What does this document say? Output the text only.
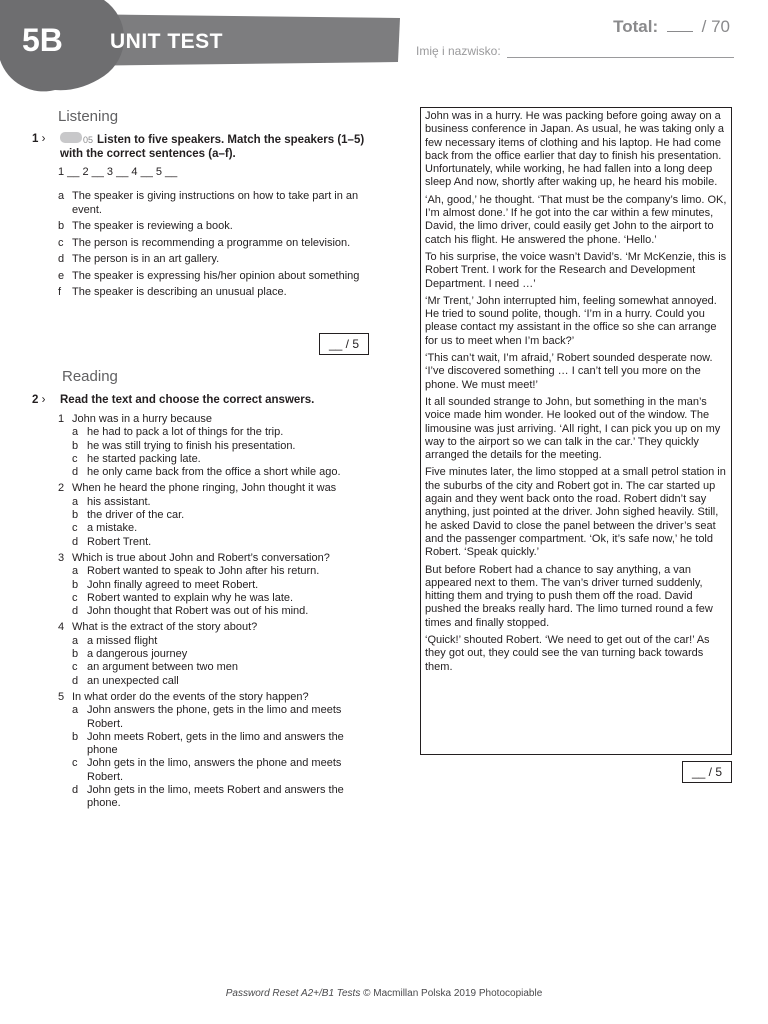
5B UNIT TEST
Total:	/ 70
Imię i nazwisko:
Listening
1 ›	05 Listen to five speakers. Match the speakers (1–5) with the correct sentences (a–f).
1 __ 2 __ 3 __ 4 __ 5 __
a The speaker is giving instructions on how to take part in an event.
b The speaker is reviewing a book.
c The person is recommending a programme on television.
d The person is in an art gallery.
e The speaker is expressing his/her opinion about something
f The speaker is describing an unusual place.
__ / 5
Reading
2 › Read the text and choose the correct answers.
1 John was in a hurry because
a he had to pack a lot of things for the trip.
b he was still trying to finish his presentation.
c he started packing late.
d he only came back from the office a short while ago.
2 When he heard the phone ringing, John thought it was
a his assistant.
b the driver of the car.
c a mistake.
d Robert Trent.
3 Which is true about John and Robert’s conversation?
a Robert wanted to speak to John after his return.
b John finally agreed to meet Robert.
c Robert wanted to explain why he was late.
d John thought that Robert was out of his mind.
4 What is the extract of the story about?
a a missed flight
b a dangerous journey
c an argument between two men
d an unexpected call
5 In what order do the events of the story happen?
a John answers the phone, gets in the limo and meets Robert.
b John meets Robert, gets in the limo and answers the phone
c John gets in the limo, answers the phone and meets Robert.
d John gets in the limo, meets Robert and answers the phone.

John was in a hurry. He was packing before going away on a business conference in Japan. As usual, he was taking only a few necessary items of clothing and his laptop. He had come back from the office earlier that day to finish his presentation. Unfortunately, while working, he had fallen into a long deep sleep And now, shortly after waking up, he heard his mobile.

‘Ah, good,’ he thought. ‘That must be the company’s limo. OK, I’m almost done.’ If he got into the car within a few minutes, David, the limo driver, could easily get John to the airport to catch his flight. He answered the phone. ‘Hello.’

To his surprise, the voice wasn’t David’s. ‘Mr McKenzie, this is Robert Trent. I work for the Research and Development Department. I need …’

‘Mr Trent,’ John interrupted him, feeling somewhat annoyed. He tried to sound polite, though. ‘I’m in a hurry. Could you please contact my assistant in the office so she can arrange for us to meet when I’m back?’

‘This can’t wait, I’m afraid,’ Robert sounded desperate now. ‘I’ve discovered something … I can’t tell you more on the phone. We must meet!’

It all sounded strange to John, but something in the man’s voice made him wonder. He looked out of the window. The limousine was just arriving. ‘All right, I can pick you up on my way to the airport so we can talk in the car.’ They quickly arranged the details for the meeting.

Five minutes later, the limo stopped at a small petrol station in the suburbs of the city and Robert got in. The car started up again and they went back onto the road. Robert didn’t say anything, just pointed at the driver. John sighed heavily. Still, he asked David to close the panel between the driver’s seat and the passenger compartment. ‘Ok, it’s safe now,’ he told Robert. ‘Speak quickly.’

But before Robert had a chance to say anything, a van appeared next to them. The van’s driver turned suddenly, hitting them and trying to push them off the road. David pushed the breaks really hard. The limo turned round a few times and finally stopped.

‘Quick!’ shouted Robert. ‘We need to get out of the car!’ As they got out, they could see the van turning back towards them.

__ / 5
Password Reset A2+/B1 Tests © Macmillan Polska 2019 Photocopiable
